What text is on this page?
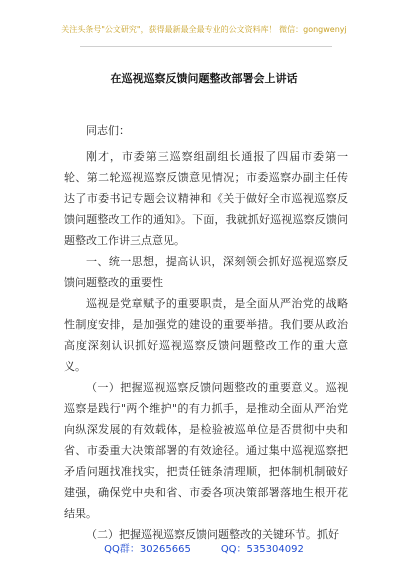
关注头条号"公文研究"，获得最新最全最专业的公文资料库！ 微信：gongwenyj
在巡视巡察反馈问题整改部署会上讲话

同志们：

刚才，市委第三巡察组副组长通报了四届市委第一轮、第二轮巡视巡察反馈意见情况；市委巡察办副主任传达了市委书记专题会议精神和《关于做好全市巡视巡察反馈问题整改工作的通知》。下面，我就抓好巡视巡察反馈问题整改工作讲三点意见。

一、统一思想，提高认识，深刻领会抓好巡视巡察反馈问题整改的重要性

巡视是党章赋予的重要职责，是全面从严治党的战略性制度安排，是加强党的建设的重要举措。我们要从政治高度深刻认识抓好巡视巡察反馈问题整改工作的重大意义。

（一）把握巡视巡察反馈问题整改的重要意义。巡视巡察是践行"两个维护"的有力抓手，是推动全面从严治党向纵深发展的有效载体，是检验被巡单位是否贯彻中央和省、市委重大决策部署的有效途径。通过集中巡视巡察把矛盾问题找准找实，把责任链条清理顺，把体制机制破好建强，确保党中央和省、市委各项决策部署落地生根开花结果。

（二）把握巡视巡察反馈问题整改的关键环节。抓好

QQ群：30265665	QQ：535304092
